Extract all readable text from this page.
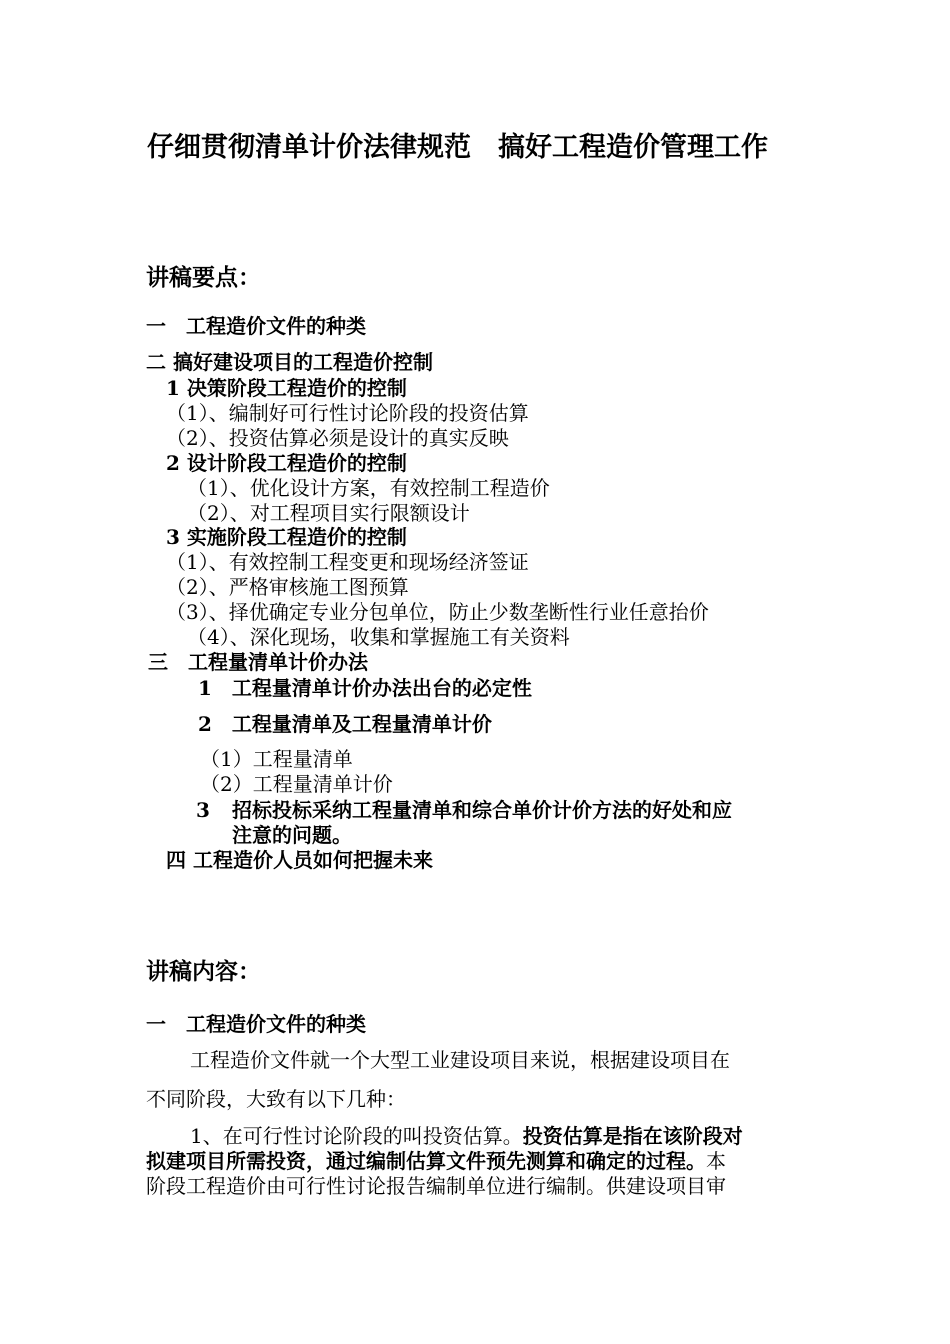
仔细贯彻清单计价法律规范　搞好工程造价管理工作
讲稿要点：
一　工程造价文件的种类
二 搞好建设项目的工程造价控制
1 决策阶段工程造价的控制
（1）、编制好可行性讨论阶段的投资估算
（2）、投资估算必须是设计的真实反映
2 设计阶段工程造价的控制
（1）、优化设计方案，有效控制工程造价
（2）、对工程项目实行限额设计
3 实施阶段工程造价的控制
（1）、有效控制工程变更和现场经济签证
（2）、严格审核施工图预算
（3）、择优确定专业分包单位，防止少数垄断性行业任意抬价
（4）、深化现场，收集和掌握施工有关资料
三　工程量清单计价办法
1　工程量清单计价办法出台的必定性
2　工程量清单及工程量清单计价
（1）工程量清单
（2）工程量清单计价
3 招标投标采纳工程量清单和综合单价计价方法的好处和应
注意的问题。
四 工程造价人员如何把握未来
讲稿内容：
一　工程造价文件的种类
工程造价文件就一个大型工业建设项目来说，根据建设项目在
不同阶段，大致有以下几种：
1、在可行性讨论阶段的叫投资估算。投资估算是指在该阶段对
拟建项目所需投资，通过编制估算文件预先测算和确定的过程。本
阶段工程造价由可行性讨论报告编制单位进行编制。供建设项目审
